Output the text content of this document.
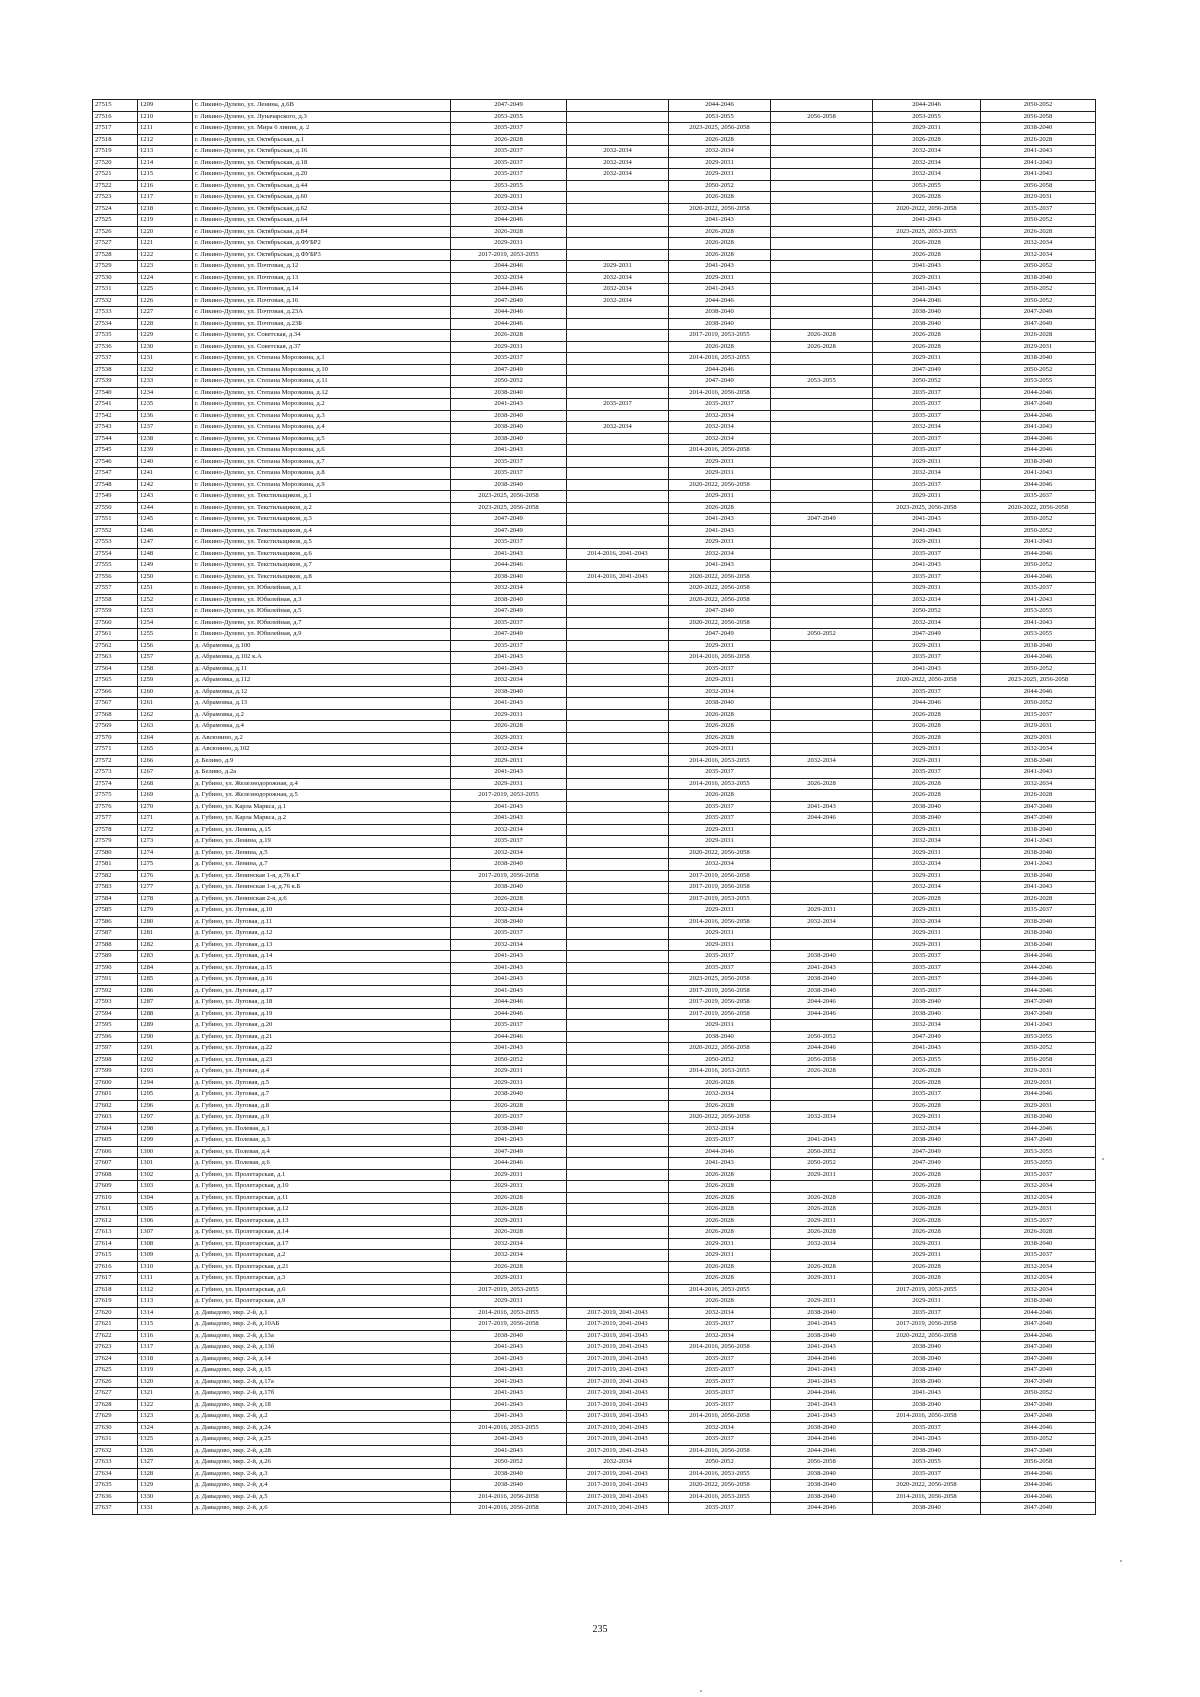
27515	1209	г. Ликино-Дулево, ул. Ленина, д.6В	2047-2049		2044-2046		2044-2046	2050-2052
27516	1210	г. Ликино-Дулево, ул. Луначарского, д.3	2053-2055		2053-2055	2056-2058	2053-2055	2056-2058
27517	1211	г. Ликино-Дулево, ул. Мира 6 линия, д. 2	2035-2037		2023-2025, 2056-2058		2029-2031	2038-2040
27518	1212	г. Ликино-Дулево, ул. Октябрьская, д.1	2026-2028		2026-2028		2026-2028	2026-2028
27519	1213	г. Ликино-Дулево, ул. Октябрьская, д.16	2035-2037	2032-2034	2032-2034		2032-2034	2041-2043
27520	1214	г. Ликино-Дулево, ул. Октябрьская, д.18	2035-2037	2032-2034	2029-2031		2032-2034	2041-2043
27521	1215	г. Ликино-Дулево, ул. Октябрьская, д.20	2035-2037	2032-2034	2029-2031		2032-2034	2041-2043
27522	1216	г. Ликино-Дулево, ул. Октябрьская, д.44	2053-2055		2050-2052		2053-2055	2056-2058
27523	1217	г. Ликино-Дулево, ул. Октябрьская, д.60	2029-2031		2026-2028		2026-2028	2029-2031
27524	1218	г. Ликино-Дулево, ул. Октябрьская, д.62	2032-2034		2020-2022, 2056-2058		2020-2022, 2056-2058	2035-2037
27525	1219	г. Ликино-Дулево, ул. Октябрьская, д.64	2044-2046		2041-2043		2041-2043	2050-2052
27526	1220	г. Ликино-Дулево, ул. Октябрьская, д.84	2026-2028		2026-2028		2023-2025, 2053-2055	2026-2028
27527	1221	г. Ликино-Дулево, ул. Октябрьская, д.ФУБР2	2029-2031		2026-2028		2026-2028	2032-2034
27528	1222	г. Ликино-Дулево, ул. Октябрьская, д.ФУБР3	2017-2019, 2053-2055		2026-2028		2026-2028	2032-2034
27529	1223	г. Ликино-Дулево, ул. Почтовая, д.12	2044-2046	2029-2031	2041-2043		2041-2043	2050-2052
27530	1224	г. Ликино-Дулево, ул. Почтовая, д.13	2032-2034	2032-2034	2029-2031		2029-2031	2038-2040
27531	1225	г. Ликино-Дулево, ул. Почтовая, д.14	2044-2046	2032-2034	2041-2043		2041-2043	2050-2052
27532	1226	г. Ликино-Дулево, ул. Почтовая, д.16	2047-2049	2032-2034	2044-2046		2044-2046	2050-2052
27533	1227	г. Ликино-Дулево, ул. Почтовая, д.23А	2044-2046		2038-2040		2038-2040	2047-2049
27534	1228	г. Ликино-Дулево, ул. Почтовая, д.23Б	2044-2046		2038-2040		2038-2040	2047-2049
27535	1229	г. Ликино-Дулево, ул. Советская, д.34	2026-2028		2017-2019, 2053-2055	2026-2028	2026-2028	2026-2028
27536	1230	г. Ликино-Дулево, ул. Советская, д.37	2029-2031		2026-2028	2026-2028	2026-2028	2029-2031
27537	1231	г. Ликино-Дулево, ул. Степана Морозкина, д.1	2035-2037		2014-2016, 2053-2055		2029-2031	2038-2040
27538	1232	г. Ликино-Дулево, ул. Степана Морозкина, д.10	2047-2049		2044-2046		2047-2049	2050-2052
27539	1233	г. Ликино-Дулево, ул. Степана Морозкина, д.11	2050-2052		2047-2049	2053-2055	2050-2052	2053-2055
27540	1234	г. Ликино-Дулево, ул. Степана Морозкина, д.12	2038-2040		2014-2016, 2056-2058		2035-2037	2044-2046
27541	1235	г. Ликино-Дулево, ул. Степана Морозкина, д.2	2041-2043	2035-2037	2035-2037		2035-2037	2047-2049
27542	1236	г. Ликино-Дулево, ул. Степана Морозкина, д.3	2038-2040		2032-2034		2035-2037	2044-2046
27543	1237	г. Ликино-Дулево, ул. Степана Морозкина, д.4	2038-2040	2032-2034	2032-2034		2032-2034	2041-2043
27544	1238	г. Ликино-Дулево, ул. Степана Морозкина, д.5	2038-2040		2032-2034		2035-2037	2044-2046
27545	1239	г. Ликино-Дулево, ул. Степана Морозкина, д.6	2041-2043		2014-2016, 2056-2058		2035-2037	2044-2046
27546	1240	г. Ликино-Дулево, ул. Степана Морозкина, д.7	2035-2037		2029-2031		2029-2031	2038-2040
27547	1241	г. Ликино-Дулево, ул. Степана Морозкина, д.8	2035-2037		2029-2031		2032-2034	2041-2043
27548	1242	г. Ликино-Дулево, ул. Степана Морозкина, д.9	2038-2040		2020-2022, 2056-2058		2035-2037	2044-2046
27549	1243	г. Ликино-Дулево, ул. Текстильщиков, д.1	2023-2025, 2056-2058		2029-2031		2029-2031	2035-2037
27550	1244	г. Ликино-Дулево, ул. Текстильщиков, д.2	2023-2025, 2056-2058		2026-2028		2023-2025, 2056-2058	2020-2022, 2056-2058
27551	1245	г. Ликино-Дулево, ул. Текстильщиков, д.3	2047-2049		2041-2043	2047-2049	2041-2043	2050-2052
27552	1246	г. Ликино-Дулево, ул. Текстильщиков, д.4	2047-2049		2041-2043		2041-2043	2050-2052
27553	1247	г. Ликино-Дулево, ул. Текстильщиков, д.5	2035-2037		2029-2031		2029-2031	2041-2043
27554	1248	г. Ликино-Дулево, ул. Текстильщиков, д.6	2041-2043	2014-2016, 2041-2043	2032-2034		2035-2037	2044-2046
27555	1249	г. Ликино-Дулево, ул. Текстильщиков, д.7	2044-2046		2041-2043		2041-2043	2050-2052
27556	1250	г. Ликино-Дулево, ул. Текстильщиков, д.8	2038-2040	2014-2016, 2041-2043	2020-2022, 2056-2058		2035-2037	2044-2046
27557	1251	г. Ликино-Дулево, ул. Юбилейная, д.1	2032-2034		2020-2022, 2056-2058		2029-2031	2035-2037
27558	1252	г. Ликино-Дулево, ул. Юбилейная, д.3	2038-2040		2020-2022, 2056-2058		2032-2034	2041-2043
27559	1253	г. Ликино-Дулево, ул. Юбилейная, д.5	2047-2049		2047-2049		2050-2052	2053-2055
27560	1254	г. Ликино-Дулево, ул. Юбилейная, д.7	2035-2037		2020-2022, 2056-2058		2032-2034	2041-2043
27561	1255	г. Ликино-Дулево, ул. Юбилейная, д.9	2047-2049		2047-2049	2050-2052	2047-2049	2053-2055
27562	1256	д. Абрамовка, д.100	2035-2037		2029-2031		2029-2031	2038-2040
27563	1257	д. Абрамовка, д.102 к.А	2041-2043		2014-2016, 2056-2058		2035-2037	2044-2046
27564	1258	д. Абрамовка, д.11	2041-2043		2035-2037		2041-2043	2050-2052
27565	1259	д. Абрамовка, д.112	2032-2034		2029-2031		2020-2022, 2056-2058	2023-2025, 2056-2058
27566	1260	д. Абрамовка, д.12	2038-2040		2032-2034		2035-2037	2044-2046
27567	1261	д. Абрамовка, д.13	2041-2043		2038-2040		2044-2046	2050-2052
27568	1262	д. Абрамовка, д.2	2029-2031		2026-2028		2026-2028	2035-2037
27569	1263	д. Абрамовка, д.4	2026-2028		2026-2028		2026-2028	2029-2031
27570	1264	д. Авсюнино, д.2	2029-2031		2026-2028		2026-2028	2029-2031
27571	1265	д. Авсюнино, д.102	2032-2034		2029-2031		2029-2031	2032-2034
27572	1266	д. Беливо, д.9	2029-2031		2014-2016, 2053-2055	2032-2034	2029-2031	2038-2040
27573	1267	д. Беливо, д.2а	2041-2043		2035-2037		2035-2037	2041-2043
27574	1268	д. Губино, ул. Железнодорожная, д.4	2029-2031		2014-2016, 2053-2055	2026-2028	2026-2028	2032-2034
27575	1269	д. Губино, ул. Железнодорожная, д.5	2017-2019, 2053-2055		2026-2028		2026-2028	2026-2028
27576	1270	д. Губино, ул. Карла Маркса, д.1	2041-2043		2035-2037	2041-2043	2038-2040	2047-2049
27577	1271	д. Губино, ул. Карла Маркса, д.2	2041-2043		2035-2037	2044-2046	2038-2040	2047-2049
27578	1272	д. Губино, ул. Ленина, д.15	2032-2034		2029-2031		2029-2031	2038-2040
27579	1273	д. Губино, ул. Ленина, д.19	2035-2037		2029-2031		2032-2034	2041-2043
27580	1274	д. Губино, ул. Ленина, д.5	2032-2034		2020-2022, 2056-2058		2029-2031	2038-2040
27581	1275	д. Губино, ул. Ленина, д.7	2038-2040		2032-2034		2032-2034	2041-2043
27582	1276	д. Губино, ул. Ленинская 1-я, д.76 к.Г	2017-2019, 2056-2058		2017-2019, 2056-2058		2029-2031	2038-2040
27583	1277	д. Губино, ул. Ленинская 1-я, д.76 к.Б	2038-2040		2017-2019, 2056-2058		2032-2034	2041-2043
27584	1278	д. Губино, ул. Ленинская 2-я, д.6	2026-2028		2017-2019, 2053-2055		2026-2028	2026-2028
27585	1279	д. Губино, ул. Луговая, д.10	2032-2034		2029-2031	2029-2031	2029-2031	2035-2037
27586	1280	д. Губино, ул. Луговая, д.11	2038-2040		2014-2016, 2056-2058	2032-2034	2032-2034	2038-2040
27587	1281	д. Губино, ул. Луговая, д.12	2035-2037		2029-2031		2029-2031	2038-2040
27588	1282	д. Губино, ул. Луговая, д.13	2032-2034		2029-2031		2029-2031	2038-2040
27589	1283	д. Губино, ул. Луговая, д.14	2041-2043		2035-2037	2038-2040	2035-2037	2044-2046
27590	1284	д. Губино, ул. Луговая, д.15	2041-2043		2035-2037	2041-2043	2035-2037	2044-2046
27591	1285	д. Губино, ул. Луговая, д.16	2041-2043		2023-2025, 2056-2058	2038-2040	2035-2037	2044-2046
27592	1286	д. Губино, ул. Луговая, д.17	2041-2043		2017-2019, 2056-2058	2038-2040	2035-2037	2044-2046
27593	1287	д. Губино, ул. Луговая, д.18	2044-2046		2017-2019, 2056-2058	2044-2046	2038-2040	2047-2049
27594	1288	д. Губино, ул. Луговая, д.19	2044-2046		2017-2019, 2056-2058	2044-2046	2038-2040	2047-2049
27595	1289	д. Губино, ул. Луговая, д.20	2035-2037		2029-2031		2032-2034	2041-2043
27596	1290	д. Губино, ул. Луговая, д.21	2044-2046		2038-2040	2050-2052	2047-2049	2053-2055
27597	1291	д. Губино, ул. Луговая, д.22	2041-2043		2020-2022, 2056-2058	2044-2046	2041-2043	2050-2052
27598	1292	д. Губино, ул. Луговая, д.23	2050-2052		2050-2052	2056-2058	2053-2055	2056-2058
27599	1293	д. Губино, ул. Луговая, д.4	2029-2031		2014-2016, 2053-2055	2026-2028	2026-2028	2029-2031
27600	1294	д. Губино, ул. Луговая, д.5	2029-2031		2026-2028		2026-2028	2029-2031
27601	1295	д. Губино, ул. Луговая, д.7	2038-2040		2032-2034		2035-2037	2044-2046
27602	1296	д. Губино, ул. Луговая, д.8	2026-2028		2026-2028		2026-2028	2029-2031
27603	1297	д. Губино, ул. Луговая, д.9	2035-2037		2020-2022, 2056-2058	2032-2034	2029-2031	2038-2040
27604	1298	д. Губино, ул. Полевая, д.1	2038-2040		2032-2034		2032-2034	2044-2046
27605	1299	д. Губино, ул. Полевая, д.3	2041-2043		2035-2037	2041-2043	2038-2040	2047-2049
27606	1300	д. Губино, ул. Полевая, д.4	2047-2049		2044-2046	2050-2052	2047-2049	2053-2055
27607	1301	д. Губино, ул. Полевая, д.6	2044-2046		2041-2043	2050-2052	2047-2049	2053-2055
27608	1302	д. Губино, ул. Пролетарская, д.1	2029-2031		2026-2028	2029-2031	2026-2028	2035-2037
27609	1303	д. Губино, ул. Пролетарская, д.10	2029-2031		2026-2028		2026-2028	2032-2034
27610	1304	д. Губино, ул. Пролетарская, д.11	2026-2028		2026-2028	2026-2028	2026-2028	2032-2034
27611	1305	д. Губино, ул. Пролетарская, д.12	2026-2028		2026-2028	2026-2028	2026-2028	2029-2031
27612	1306	д. Губино, ул. Пролетарская, д.13	2029-2031		2026-2028	2029-2031	2026-2028	2035-2037
27613	1307	д. Губино, ул. Пролетарская, д.14	2026-2028		2026-2028	2026-2028	2026-2028	2026-2028
27614	1308	д. Губино, ул. Пролетарская, д.17	2032-2034		2029-2031	2032-2034	2029-2031	2038-2040
27615	1309	д. Губино, ул. Пролетарская, д.2	2032-2034		2029-2031		2029-2031	2035-2037
27616	1310	д. Губино, ул. Пролетарская, д.21	2026-2028		2026-2028	2026-2028	2026-2028	2032-2034
27617	1311	д. Губино, ул. Пролетарская, д.3	2029-2031		2026-2028	2029-2031	2026-2028	2032-2034
27618	1312	д. Губино, ул. Пролетарская, д.6	2017-2019, 2053-2055		2014-2016, 2053-2055		2017-2019, 2053-2055	2032-2034
27619	1313	д. Губино, ул. Пролетарская, д.9	2029-2031		2026-2028	2029-2031	2029-2031	2038-2040
27620	1314	д. Давыдово, мкр. 2-й, д.1	2014-2016, 2053-2055	2017-2019, 2041-2043	2032-2034	2038-2040	2035-2037	2044-2046
27621	1315	д. Давыдово, мкр. 2-й, д.10АБ	2017-2019, 2056-2058	2017-2019, 2041-2043	2035-2037	2041-2043	2017-2019, 2056-2058	2047-2049
27622	1316	д. Давыдово, мкр. 2-й, д.13а	2038-2040	2017-2019, 2041-2043	2032-2034	2038-2040	2020-2022, 2056-2058	2044-2046
27623	1317	д. Давыдово, мкр. 2-й, д.13б	2041-2043	2017-2019, 2041-2043	2014-2016, 2056-2058	2041-2043	2038-2040	2047-2049
27624	1318	д. Давыдово, мкр. 2-й, д.14	2041-2043	2017-2019, 2041-2043	2035-2037	2044-2046	2038-2040	2047-2049
27625	1319	д. Давыдово, мкр. 2-й, д.15	2041-2043	2017-2019, 2041-2043	2035-2037	2041-2043	2038-2040	2047-2049
27626	1320	д. Давыдово, мкр. 2-й, д.17а	2041-2043	2017-2019, 2041-2043	2035-2037	2041-2043	2038-2040	2047-2049
27627	1321	д. Давыдово, мкр. 2-й, д.17б	2041-2043	2017-2019, 2041-2043	2035-2037	2044-2046	2041-2043	2050-2052
27628	1322	д. Давыдово, мкр. 2-й, д.18	2041-2043	2017-2019, 2041-2043	2035-2037	2041-2043	2038-2040	2047-2049
27629	1323	д. Давыдово, мкр. 2-й, д.2	2041-2043	2017-2019, 2041-2043	2014-2016, 2056-2058	2041-2043	2014-2016, 2056-2058	2047-2049
27630	1324	д. Давыдово, мкр. 2-й, д.24	2014-2016, 2053-2055	2017-2019, 2041-2043	2032-2034	2038-2040	2035-2037	2044-2046
27631	1325	д. Давыдово, мкр. 2-й, д.25	2041-2043	2017-2019, 2041-2043	2035-2037	2044-2046	2041-2043	2050-2052
27632	1326	д. Давыдово, мкр. 2-й, д.28	2041-2043	2017-2019, 2041-2043	2014-2016, 2056-2058	2044-2046	2038-2040	2047-2049
27633	1327	д. Давыдово, мкр. 2-й, д.26	2050-2052	2032-2034	2050-2052	2056-2058	2053-2055	2056-2058
27634	1328	д. Давыдово, мкр. 2-й, д.3	2038-2040	2017-2019, 2041-2043	2014-2016, 2053-2055	2038-2040	2035-2037	2044-2046
27635	1329	д. Давыдово, мкр. 2-й, д.4	2038-2040	2017-2019, 2041-2043	2020-2022, 2056-2058	2038-2040	2020-2022, 2056-2058	2044-2046
27636	1330	д. Давыдово, мкр. 2-й, д.5	2014-2016, 2056-2058	2017-2019, 2041-2043	2014-2016, 2053-2055	2038-2040	2014-2016, 2056-2058	2044-2046
27637	1331	д. Давыдово, мкр. 2-й, д.6	2014-2016, 2056-2058	2017-2019, 2041-2043	2035-2037	2044-2046	2038-2040	2047-2049
235
